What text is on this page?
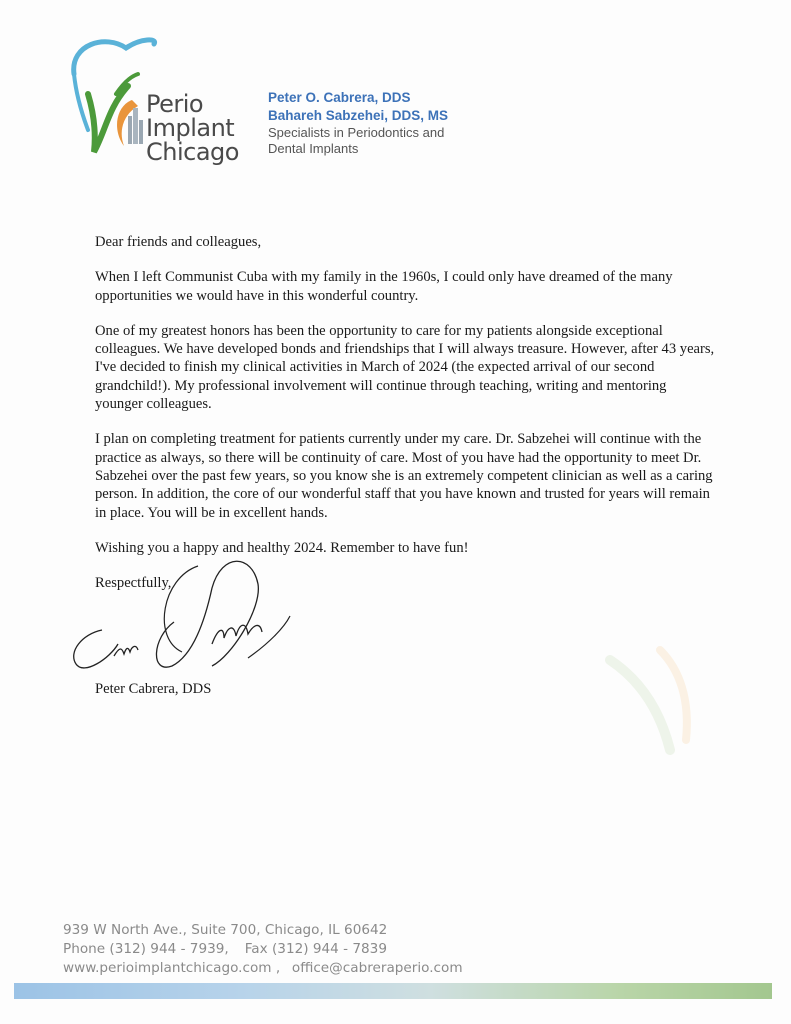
Perio
Implant
Chicago
Peter O. Cabrera, DDS
Bahareh Sabzehei, DDS, MS
Specialists in Periodontics and
Dental Implants

Dear friends and colleagues,

When I left Communist Cuba with my family in the 1960s, I could only have dreamed of the many opportunities we would have in this wonderful country.

One of my greatest honors has been the opportunity to care for my patients alongside exceptional colleagues. We have developed bonds and friendships that I will always treasure. However, after 43 years, I've decided to finish my clinical activities in March of 2024 (the expected arrival of our second grandchild!). My professional involvement will continue through teaching, writing and mentoring younger colleagues.

I plan on completing treatment for patients currently under my care. Dr. Sabzehei will continue with the practice as always, so there will be continuity of care. Most of you have had the opportunity to meet Dr. Sabzehei over the past few years, so you know she is an extremely competent clinician as well as a caring person. In addition, the core of our wonderful staff that you have known and trusted for years will remain in place. You will be in excellent hands.

Wishing you a happy and healthy 2024. Remember to have fun!

Respectfully,

Peter Cabrera, DDS
939 W North Ave., Suite 700, Chicago, IL 60642
Phone (312) 944 - 7939, Fax (312) 944 - 7839
www.perioimplantchicago.com , office@cabreraperio.com
